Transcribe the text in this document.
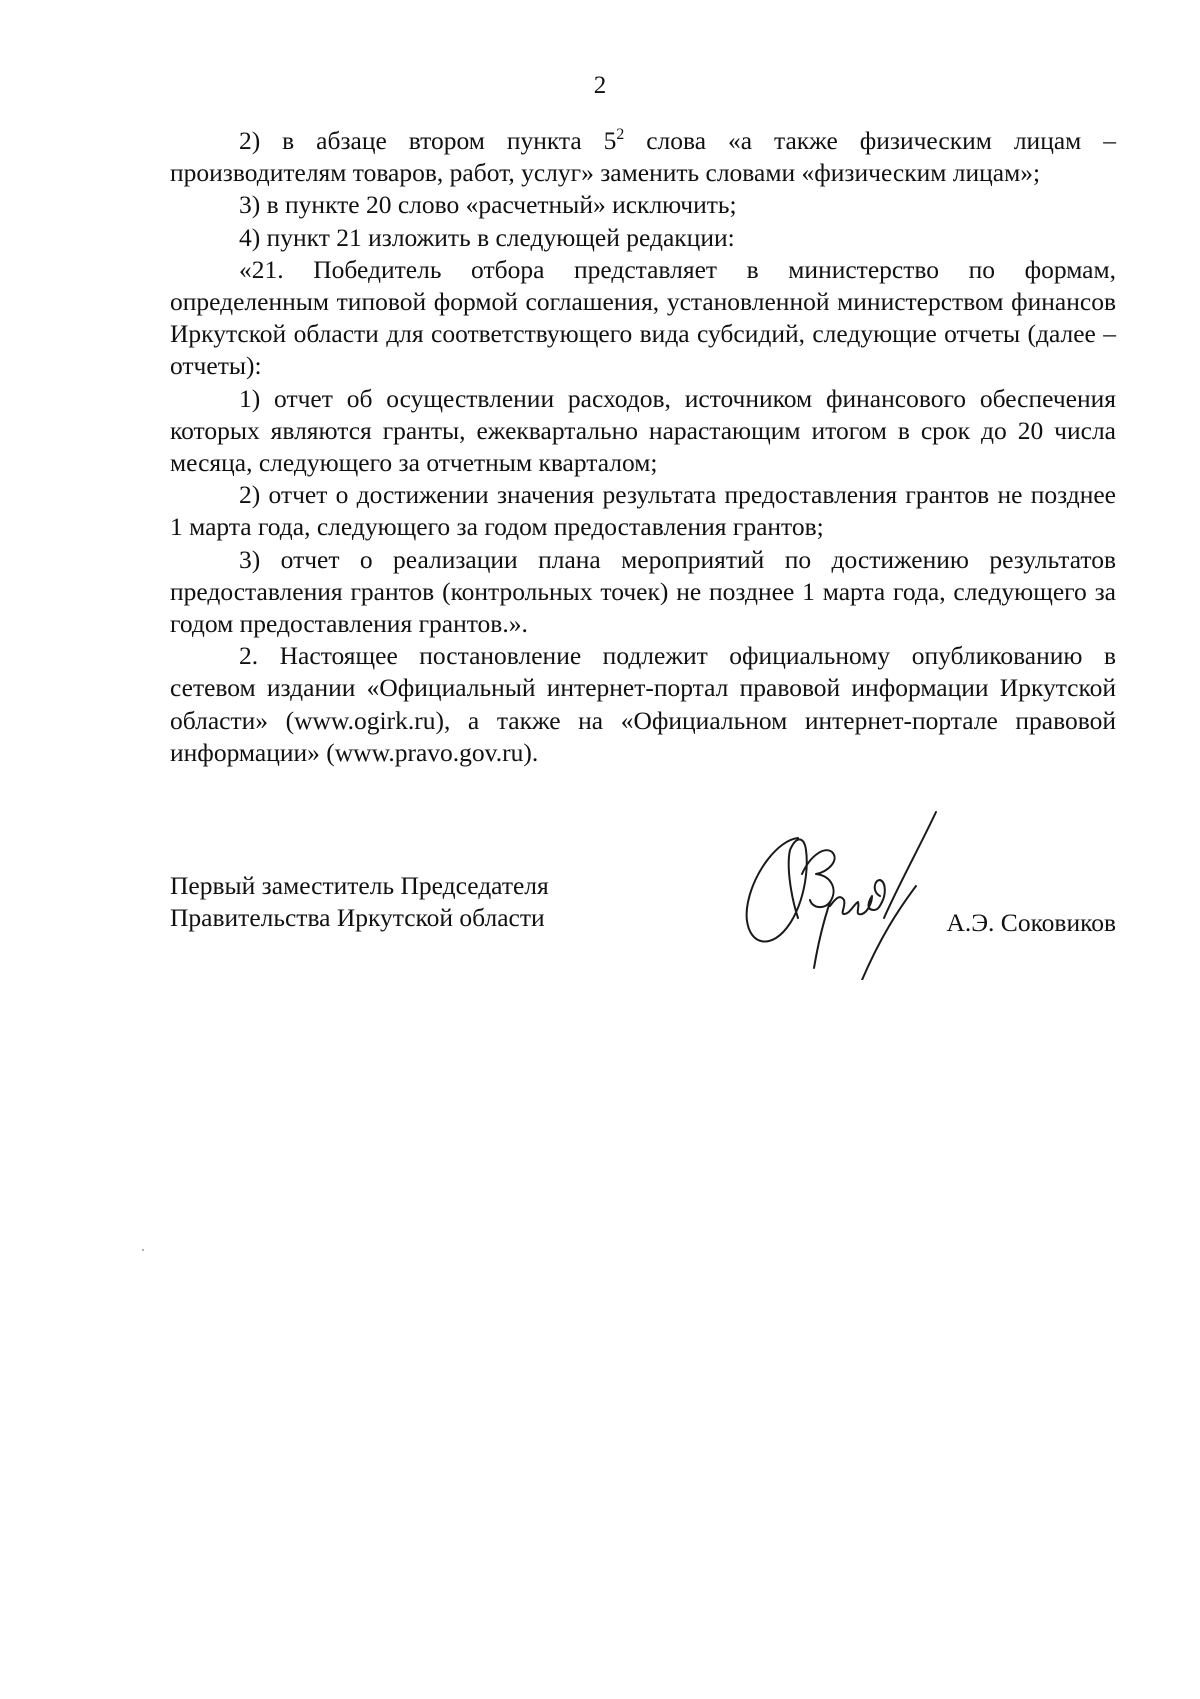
2

2) в абзаце втором пункта $5^2$ слова «а также физическим лицам – производителям товаров, работ, услуг» заменить словами «физическим лицам»;

3) в пункте 20 слово «расчетный» исключить;

4) пункт 21 изложить в следующей редакции:

«21. Победитель отбора представляет в министерство по формам, определенным типовой формой соглашения, установленной министерством финансов Иркутской области для соответствующего вида субсидий, следующие отчеты (далее – отчеты):

1) отчет об осуществлении расходов, источником финансового обеспечения которых являются гранты, ежеквартально нарастающим итогом в срок до 20 числа месяца, следующего за отчетным кварталом;

2) отчет о достижении значения результата предоставления грантов не позднее 1 марта года, следующего за годом предоставления грантов;

3) отчет о реализации плана мероприятий по достижению результатов предоставления грантов (контрольных точек) не позднее 1 марта года, следующего за годом предоставления грантов.».

2. Настоящее постановление подлежит официальному опубликованию в сетевом издании «Официальный интернет-портал правовой информации Иркутской области» (www.ogirk.ru), а также на «Официальном интернет-портале правовой информации» (www.pravo.gov.ru).

Первый заместитель Председателя
Правительства Иркутской области	А.Э. Соковиков
